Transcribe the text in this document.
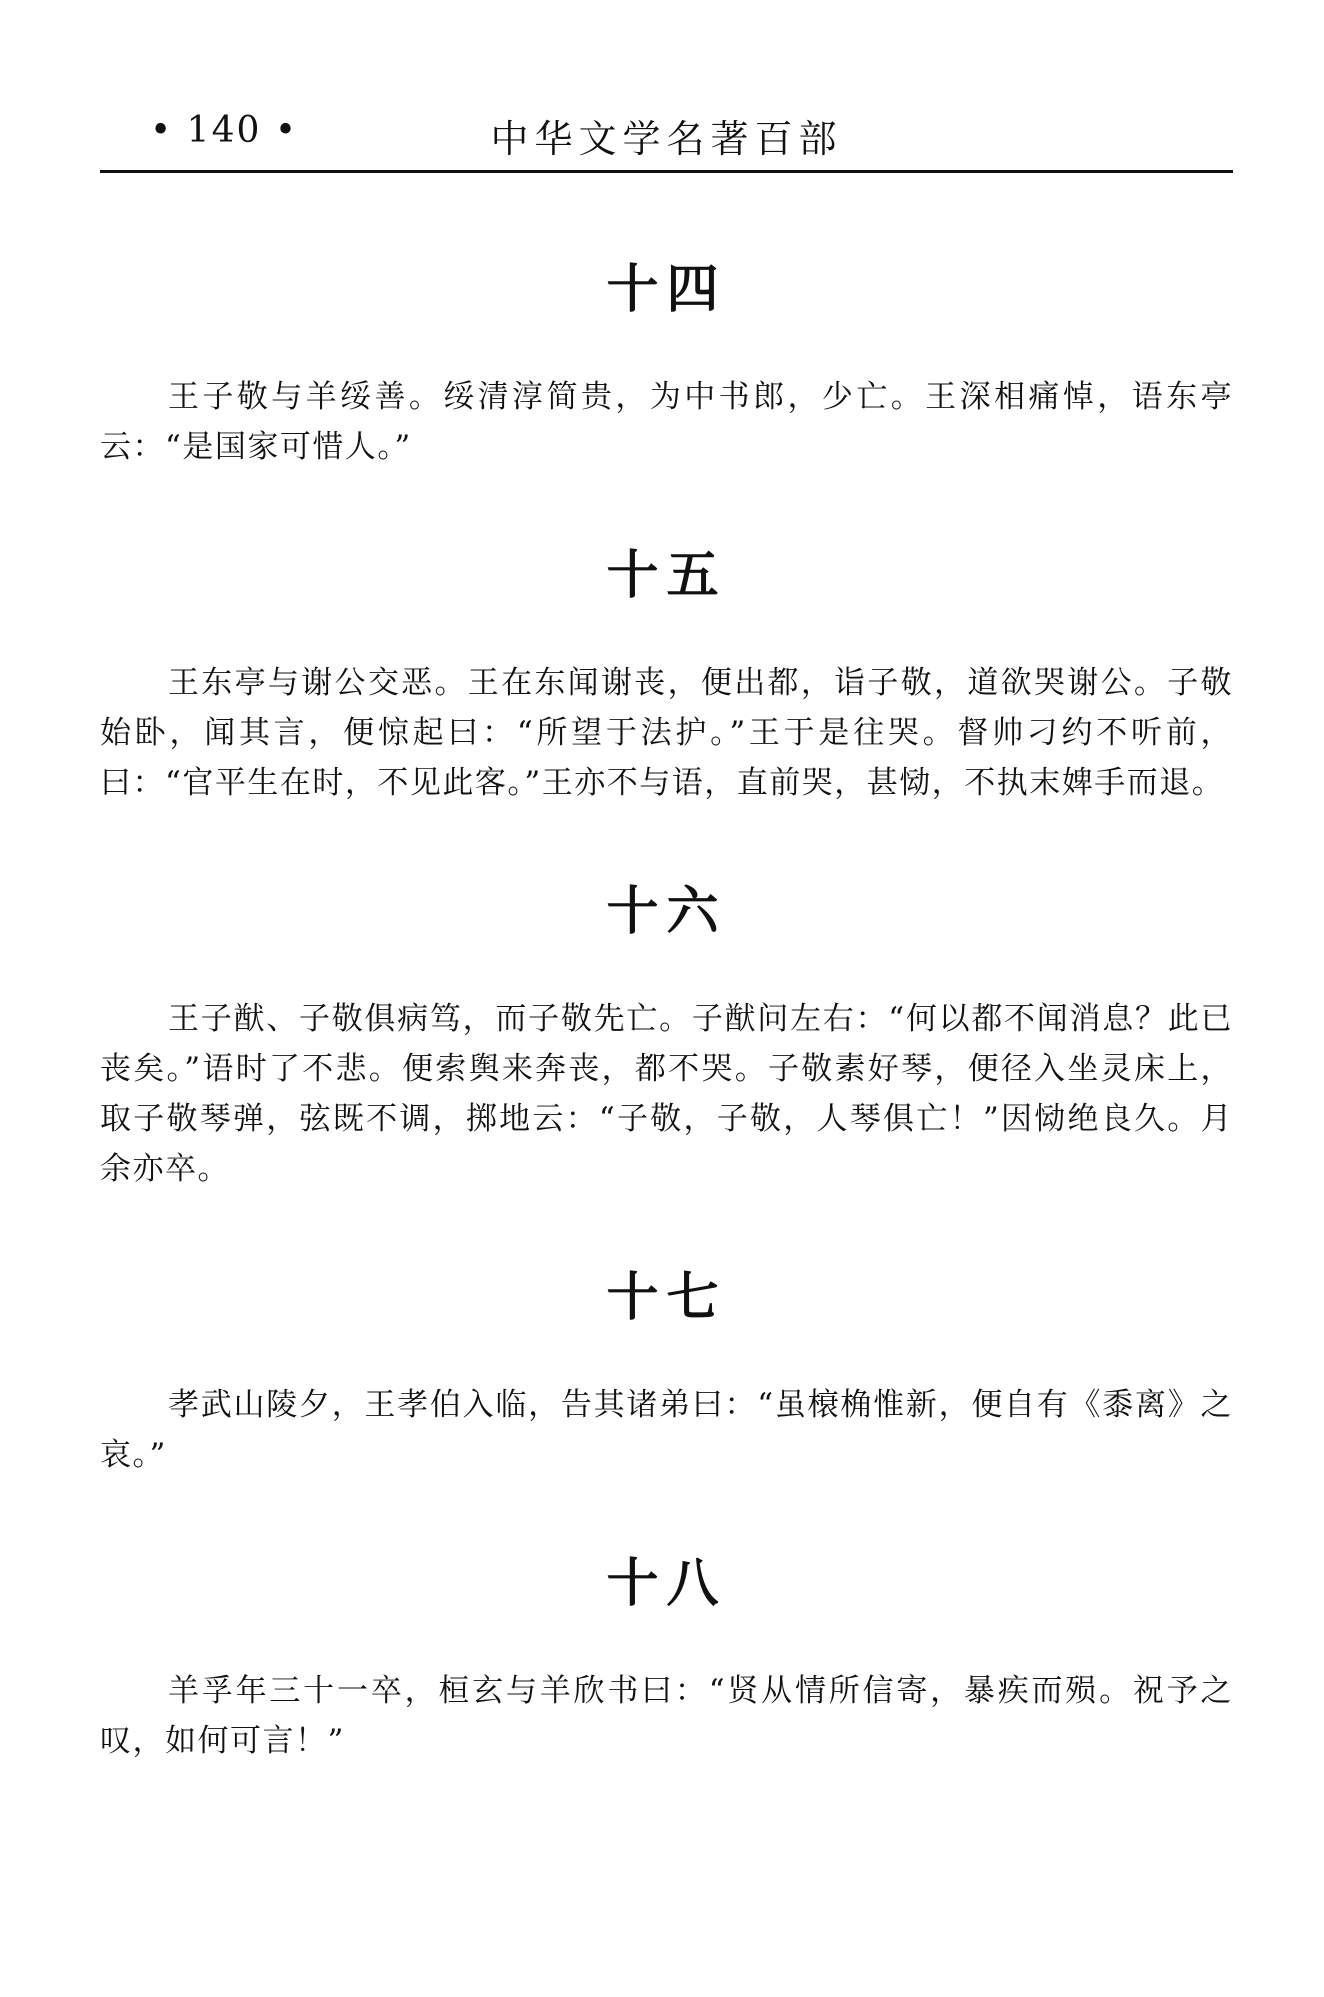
• 140 •	中华文学名著百部
十四

王子敬与羊绥善。绥清淳简贵，为中书郎，少亡。王深相痛悼，语东亭云：“是国家可惜人。”

十五

王东亭与谢公交恶。王在东闻谢丧，便出都，诣子敬，道欲哭谢公。子敬始卧，闻其言，便惊起曰：“所望于法护。”王于是往哭。督帅刁约不听前，曰：“官平生在时，不见此客。”王亦不与语，直前哭，甚恸，不执末婢手而退。

十六

王子猷、子敬俱病笃，而子敬先亡。子猷问左右：“何以都不闻消息？此已丧矣。”语时了不悲。便索舆来奔丧，都不哭。子敬素好琴，便径入坐灵床上，取子敬琴弹，弦既不调，掷地云：“子敬，子敬，人琴俱亡！”因恸绝良久。月余亦卒。

十七

孝武山陵夕，王孝伯入临，告其诸弟曰：“虽榱桷惟新，便自有《黍离》之哀。”

十八

羊孚年三十一卒，桓玄与羊欣书曰：“贤从情所信寄，暴疾而殒。祝予之叹，如何可言！”
